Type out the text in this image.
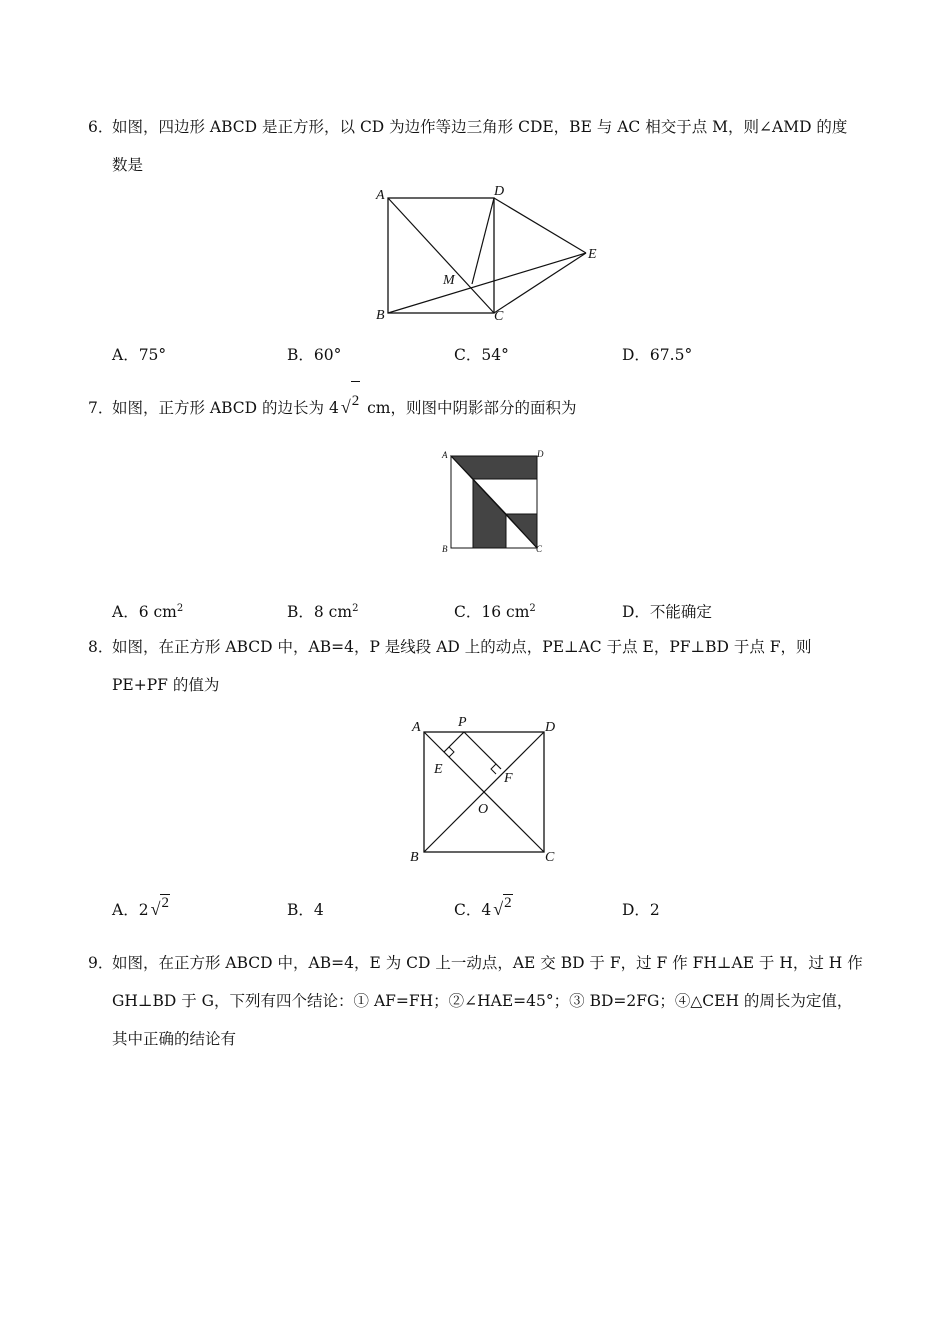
6．如图，四边形 ABCD 是正方形，以 CD 为边作等边三角形 CDE，BE 与 AC 相交于点 M，则∠AMD 的度
数是
A
B	C
D
E
M
A．75°	B．60°	C．54°	D．67.5°
7．如图，正方形 ABCD 的边长为 4 √2 cm，则图中阴影部分的面积为
A
B	C
D
A．6 $cm^2$	B．8 $cm^2$	C．16 $cm^2$	D．不能确定
8．如图，在正方形 ABCD 中，AB=4，P 是线段 AD 上的动点，PE⊥AC 于点 E，PF⊥BD 于点 F，则
PE+PF 的值为
A	P	D
E
F
O
B	C
A．2 √2	B．4	C．4 √2	D．2
9．如图，在正方形 ABCD 中，AB=4，E 为 CD 上一动点，AE 交 BD 于 F，过 F 作 FH⊥AE 于 H，过 H 作
GH⊥BD 于 G，下列有四个结论：① AF=FH；②∠HAE=45°；③ BD=2FG；④△CEH 的周长为定值，
其中正确的结论有
